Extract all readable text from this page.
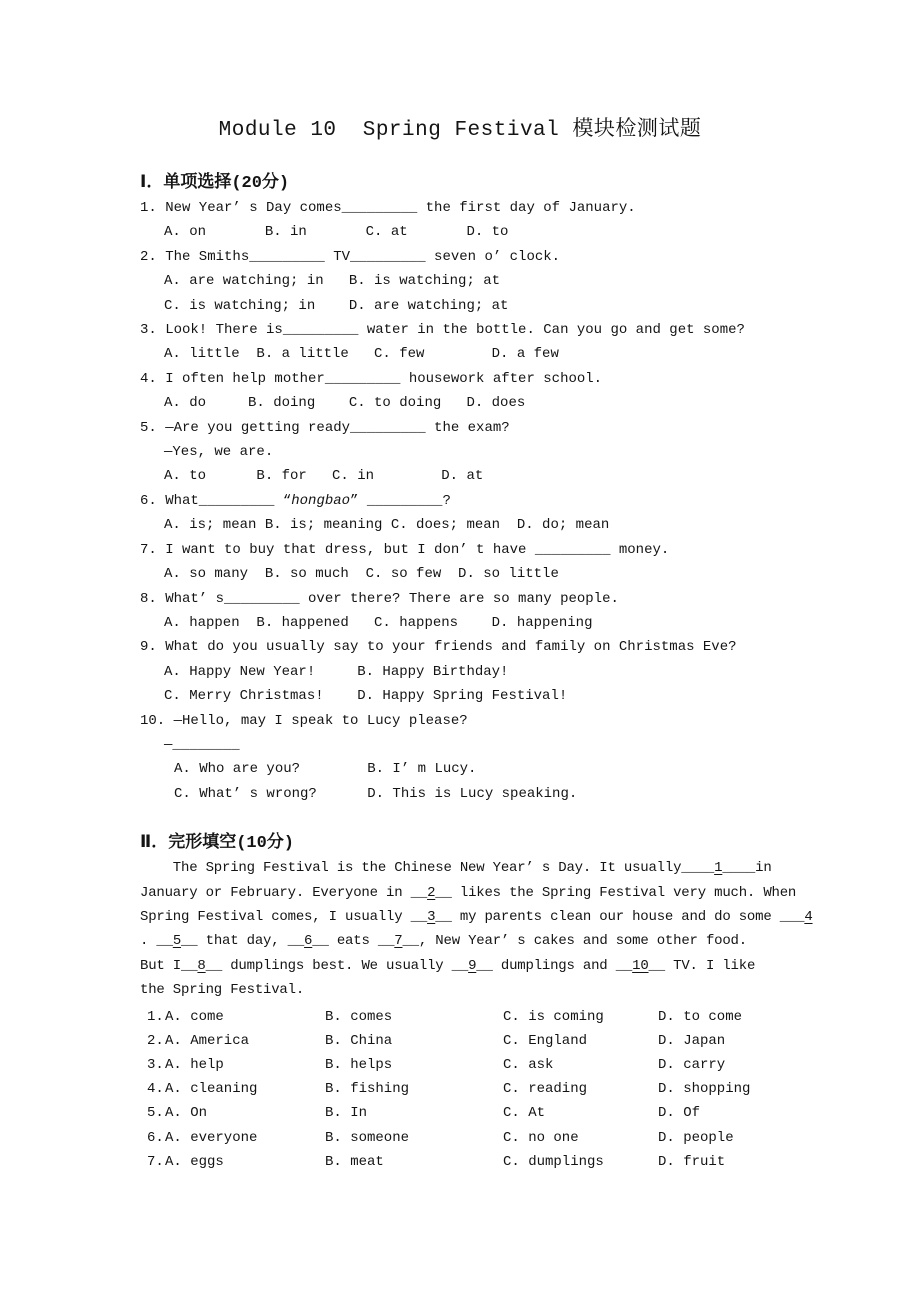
Module 10  Spring Festival 模块检测试题
Ⅰ．单项选择(20分)
1. New Year’ s Day comes_________ the first day of January.
A. on       B. in       C. at       D. to
2. The Smiths_________ TV_________ seven o’ clock.
A. are watching; in   B. is watching; at
C. is watching; in    D. are watching; at
3. Look! There is_________ water in the bottle. Can you go and get some?
A. little  B. a little   C. few        D. a few
4. I often help mother_________ housework after school.
A. do     B. doing    C. to doing   D. does
5. —Are you getting ready_________ the exam?
—Yes, we are.
A. to      B. for   C. in        D. at
6. What_________ “hongbao” _________?
A. is; mean B. is; meaning C. does; mean  D. do; mean
7. I want to buy that dress, but I don’ t have _________ money.
A. so many  B. so much  C. so few  D. so little
8. What’ s_________ over there? There are so many people.
A. happen  B. happened   C. happens    D. happening
9. What do you usually say to your friends and family on Christmas Eve?
A. Happy New Year!     B. Happy Birthday!
C. Merry Christmas!    D. Happy Spring Festival!
10. —Hello, may I speak to Lucy please?
—________
A. Who are you?        B. I’ m Lucy.
C. What’ s wrong?      D. This is Lucy speaking.
Ⅱ．完形填空(10分)
The Spring Festival is the Chinese New Year’ s Day. It usually____1____in
January or February. Everyone in __2__ likes the Spring Festival very much. When
Spring Festival comes, I usually __3__ my parents clean our house and do some ___4
. __5__ that day, __6__ eats __7__, New Year’ s cakes and some other food.
But I__8__ dumplings best. We usually __9__ dumplings and __10__ TV. I like
the Spring Festival.
1. A. come	B. comes	C. is coming	D. to come
2. A. America	B. China	C. England	D. Japan
3. A. help	B. helps	C. ask	D. carry
4. A. cleaning	B. fishing	C. reading	D. shopping
5. A. On	B. In	C. At	D. Of
6. A. everyone	B. someone	C. no one	D. people
7. A. eggs	B. meat	C. dumplings	D. fruit
